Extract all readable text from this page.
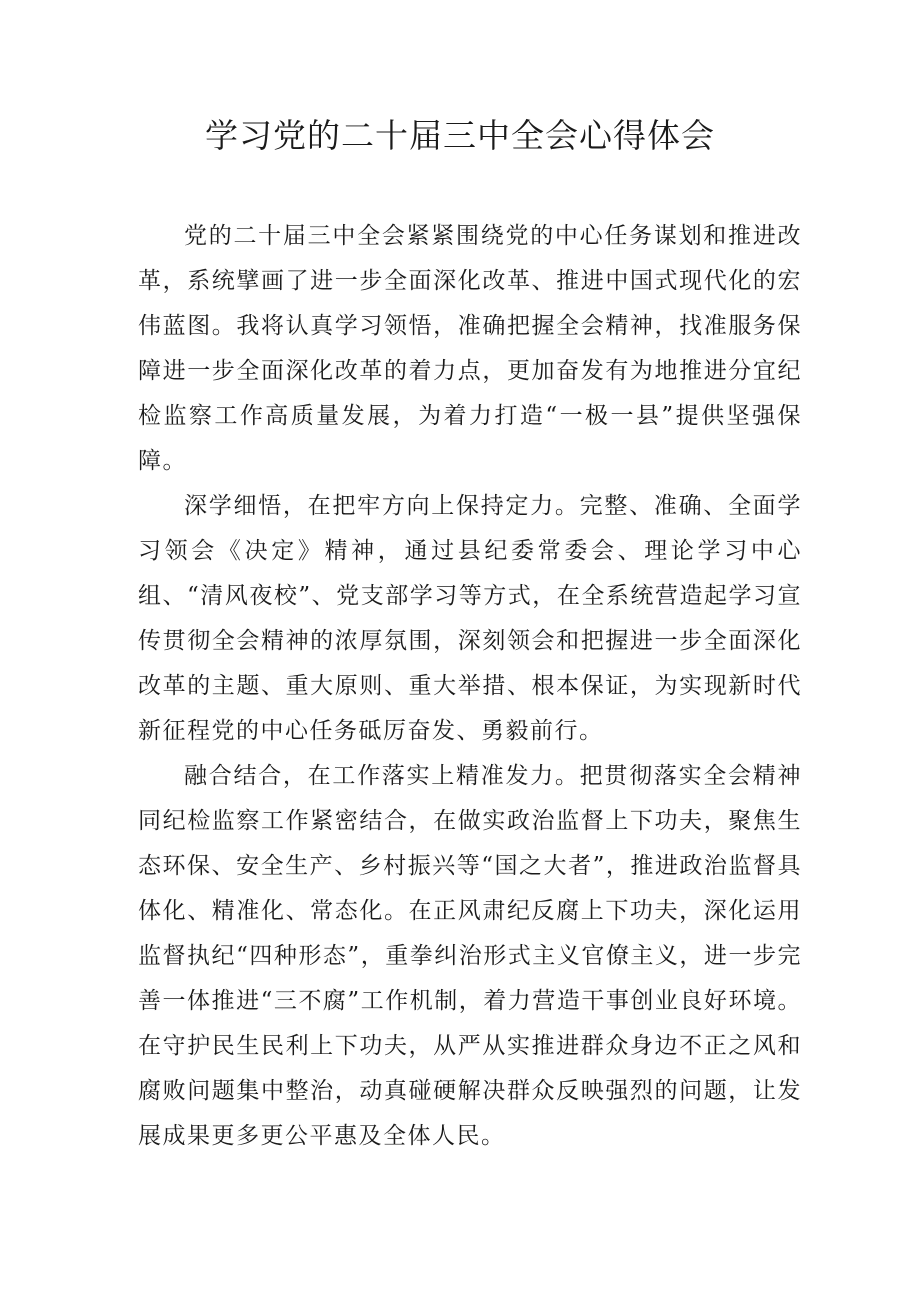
学习党的二十届三中全会心得体会

党的二十届三中全会紧紧围绕党的中心任务谋划和推进改革，系统擘画了进一步全面深化改革、推进中国式现代化的宏伟蓝图。我将认真学习领悟，准确把握全会精神，找准服务保障进一步全面深化改革的着力点，更加奋发有为地推进分宜纪检监察工作高质量发展，为着力打造“一极一县”提供坚强保障。

深学细悟，在把牢方向上保持定力。完整、准确、全面学习领会《决定》精神，通过县纪委常委会、理论学习中心组、“清风夜校”、党支部学习等方式，在全系统营造起学习宣传贯彻全会精神的浓厚氛围，深刻领会和把握进一步全面深化改革的主题、重大原则、重大举措、根本保证，为实现新时代新征程党的中心任务砥厉奋发、勇毅前行。

融合结合，在工作落实上精准发力。把贯彻落实全会精神同纪检监察工作紧密结合，在做实政治监督上下功夫，聚焦生态环保、安全生产、乡村振兴等“国之大者”，推进政治监督具体化、精准化、常态化。在正风肃纪反腐上下功夫，深化运用监督执纪“四种形态”，重拳纠治形式主义官僚主义，进一步完善一体推进“三不腐”工作机制，着力营造干事创业良好环境。在守护民生民利上下功夫，从严从实推进群众身边不正之风和腐败问题集中整治，动真碰硬解决群众反映强烈的问题，让发展成果更多更公平惠及全体人民。
